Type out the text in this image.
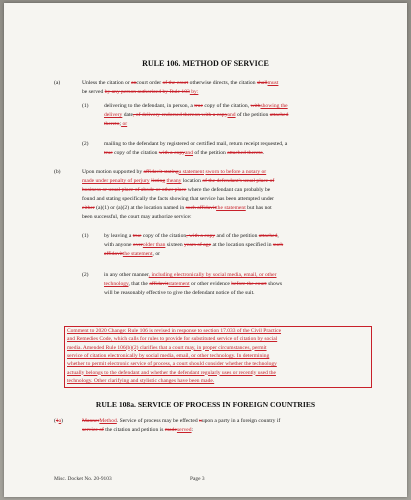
RULE 106. METHOD OF SERVICE
(a)	Unless the citation or ancourt order of the court otherwise directs, the citation shallmust
be served by any person authorized by Rule 103 by:
(1)	delivering to the defendant, in person, a true copy of the citation, withshowing the
delivery date, of delivery endorsed thereon with a copyand of the petition attached
thereto; or
(2)	mailing to the defendant by registered or certified mail, return receipt requested, a
true copy of the citation with a copyand of the petition attached thereto.
(b)	Upon motion supported by affidavit statinga statement sworn to before a notary or
made under penalty of perjury listing theany location of the defendant's usual place of
business or usual place of abode or other place where the defendant can probably be
found and stating specifically the facts showing that service has been attempted under
either (a)(1) or (a)(2) at the location named in such affidavitthe statement but has not
been successful, the court may authorize service:
(1)	by leaving a true copy of the citation, with a copy and of the petition attached,
with anyone overolder than sixteen years of age at the location specified in such
affidavitthe statement, or
(2)	in any other manner, including electronically by social media, email, or other
technology, that the affidavitstatement or other evidence before the court shows
will be reasonably effective to give the defendant notice of the suit.
Comment to 2020 Change: Rule 106 is revised in response to section 17.033 of the Civil Practice
and Remedies Code, which calls for rules to provide for substituted service of citation by social
media. Amended Rule 106(b)(2) clarifies that a court may, in proper circumstances, permit
service of citation electronically by social media, email, or other technology. In determining
whether to permit electronic service of process, a court should consider whether the technology
actually belongs to the defendant and whether the defendant regularly uses or recently used the
technology. Other clarifying and stylistic changes have been made.
RULE 108a. SERVICE OF PROCESS IN FOREIGN COUNTRIES
(1a)	MannerMethod. Service of process may be effected uupon a party in a foreign country if
service of the citation and petition is madeserved:
Misc. Docket No. 20-9103	Page 3
